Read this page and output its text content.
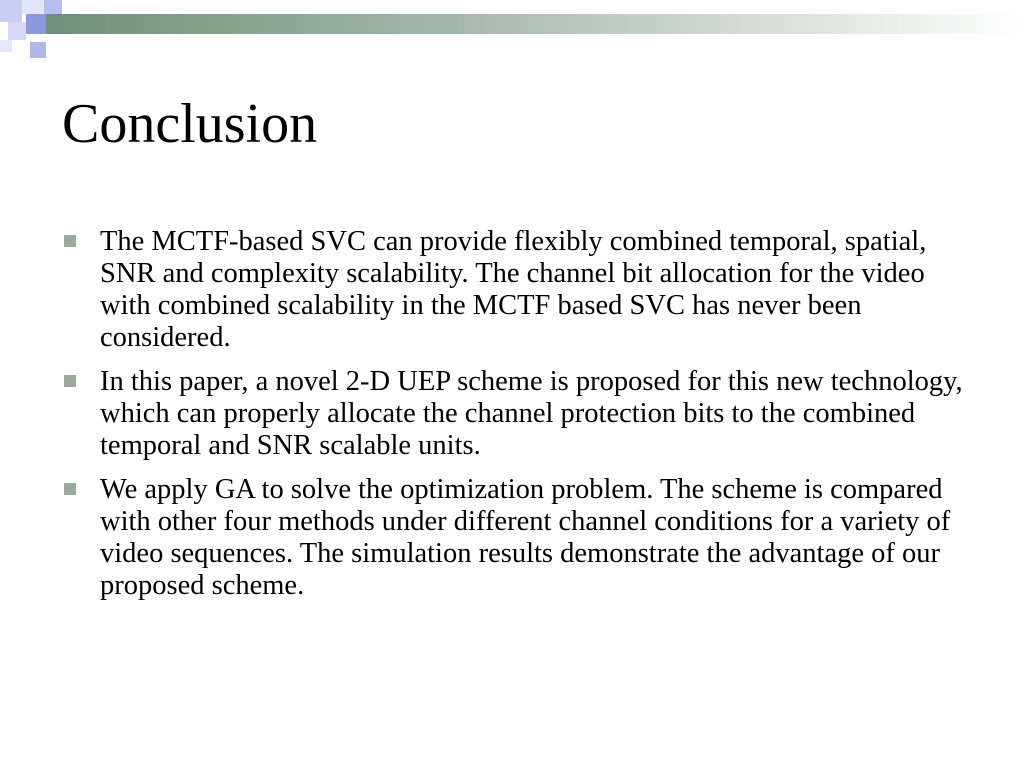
Conclusion
The MCTF-based SVC can provide flexibly combined temporal, spatial, SNR and complexity scalability. The channel bit allocation for the video with combined scalability in the MCTF based SVC has never been considered.
In this paper, a novel 2-D UEP scheme is proposed for this new technology, which can properly allocate the channel protection bits to the combined temporal and SNR scalable units.
We apply GA to solve the optimization problem. The scheme is compared with other four methods under different channel conditions for a variety of video sequences. The simulation results demonstrate the advantage of our proposed scheme.
